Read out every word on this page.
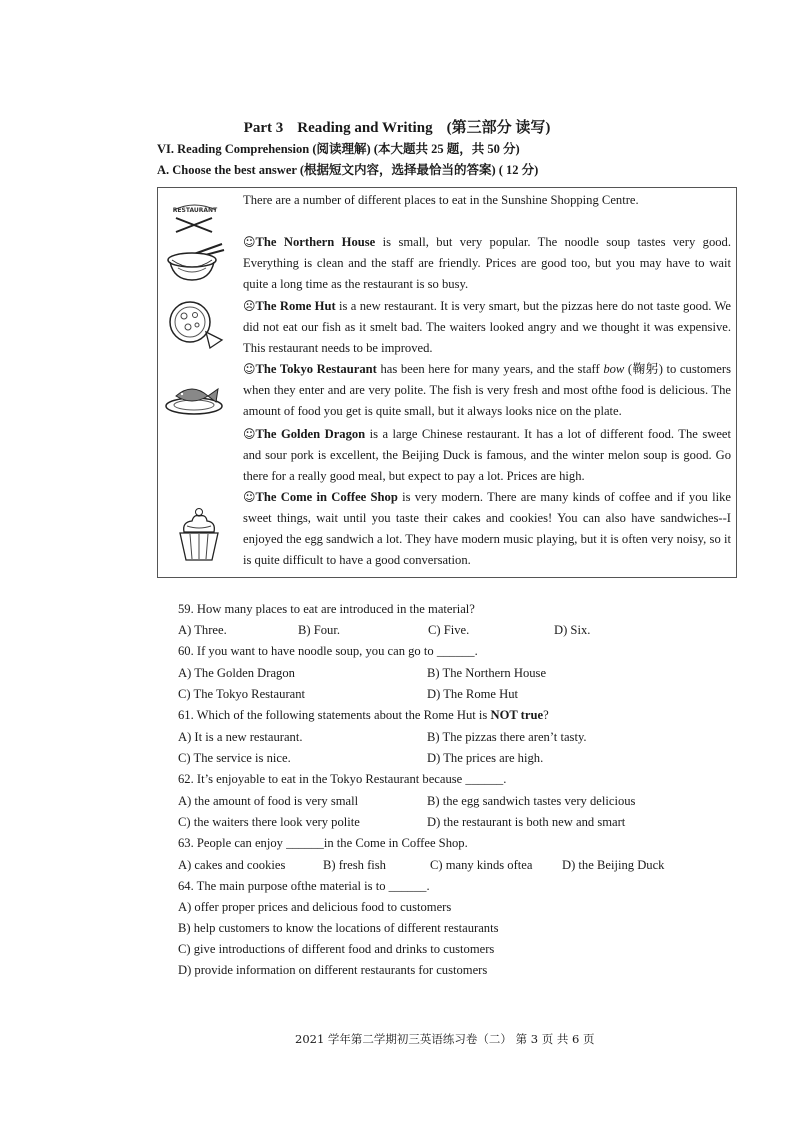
Part 3 Reading and Writing (第三部分 读写)
VI. Reading Comprehension (阅读理解) (本大题共 25 题，共 50 分)
A. Choose the best answer (根据短文内容，选择最恰当的答案) ( 12 分)
RESTAURANT
There are a number of different places to eat in the Sunshine Shopping Centre.
☺The Northern House is small, but very popular. The noodle soup tastes very good. Everything is clean and the staff are friendly. Prices are good too, but you may have to wait quite a long time as the restaurant is so busy.
☹The Rome Hut is a new restaurant. It is very smart, but the pizzas here do not taste good. We did not eat our fish as it smelt bad. The waiters looked angry and we thought it was expensive. This restaurant needs to be improved.
☺The Tokyo Restaurant has been here for many years, and the staff bow (鞠躬) to customers when they enter and are very polite. The fish is very fresh and most ofthe food is delicious. The amount of food you get is quite small, but it always looks nice on the plate.
☺The Golden Dragon is a large Chinese restaurant. It has a lot of different food. The sweet and sour pork is excellent, the Beijing Duck is famous, and the winter melon soup is good. Go there for a really good meal, but expect to pay a lot. Prices are high.
☺The Come in Coffee Shop is very modern. There are many kinds of coffee and if you like sweet things, wait until you taste their cakes and cookies! You can also have sandwiches--I enjoyed the egg sandwich a lot. They have modern music playing, but it is often very noisy, so it is quite difficult to have a good conversation.
59. How many places to eat are introduced in the material?
A) Three.	B) Four.	C) Five.	D) Six.
60. If you want to have noodle soup, you can go to ______.
A) The Golden Dragon	B) The Northern House
C) The Tokyo Restaurant	D) The Rome Hut
61. Which of the following statements about the Rome Hut is NOT true?
A) It is a new restaurant.	B) The pizzas there aren’t tasty.
C) The service is nice.	D) The prices are high.
62. It’s enjoyable to eat in the Tokyo Restaurant because ______.
A) the amount of food is very small	B) the egg sandwich tastes very delicious
C) the waiters there look very polite	D) the restaurant is both new and smart
63. People can enjoy ______in the Come in Coffee Shop.
A) cakes and cookies	B) fresh fish	C) many kinds oftea D) the Beijing Duck
64. The main purpose ofthe material is to ______.
A) offer proper prices and delicious food to customers
B) help customers to know the locations of different restaurants
C) give introductions of different food and drinks to customers
D) provide information on different restaurants for customers
2021 学年第二学期初三英语练习卷（二） 第 3 页 共 6 页
